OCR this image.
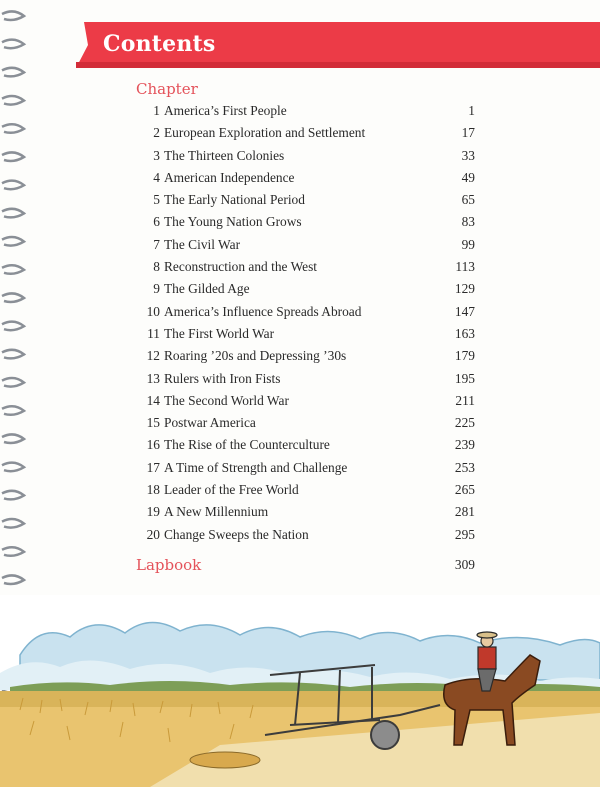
Contents
Chapter
1 America’s First People	1
2 European Exploration and Settlement	17
3 The Thirteen Colonies	33
4 American Independence	49
5 The Early National Period	65
6 The Young Nation Grows	83
7 The Civil War	99
8 Reconstruction and the West	113
9 The Gilded Age	129
10 America’s Influence Spreads Abroad	147
11 The First World War	163
12 Roaring ’20s and Depressing ’30s	179
13 Rulers with Iron Fists	195
14 The Second World War	211
15 Postwar America	225
16 The Rise of the Counterculture	239
17 A Time of Strength and Challenge	253
18 Leader of the Free World	265
19 A New Millennium	281
20 Change Sweeps the Nation	295
Lapbook	309
